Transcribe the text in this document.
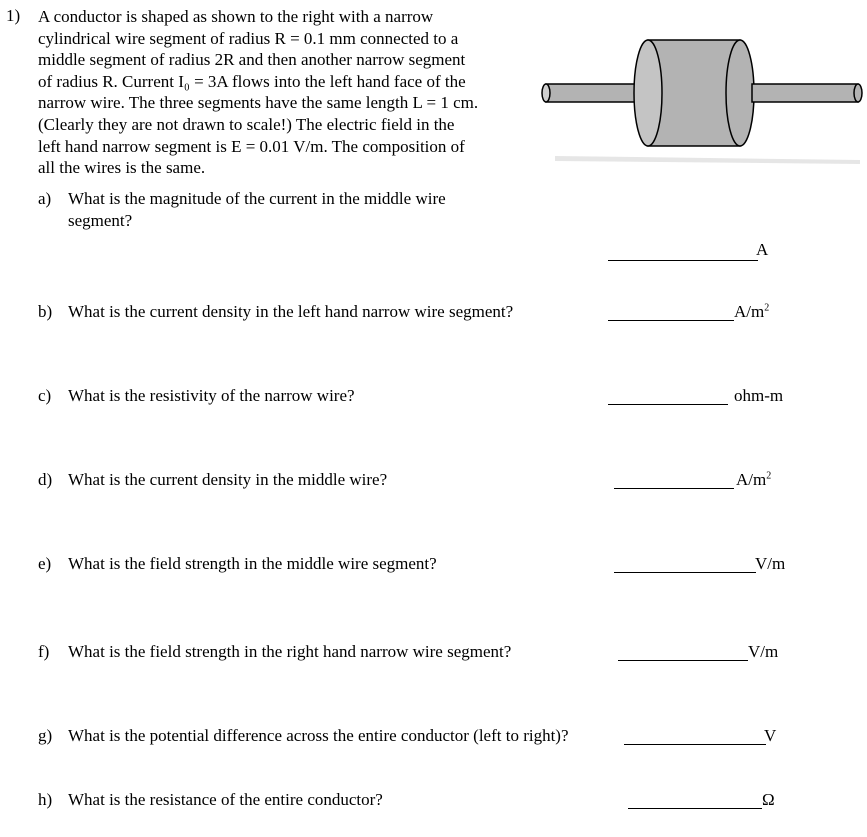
1) A conductor is shaped as shown to the right with a narrow
cylindrical wire segment of radius R = 0.1 mm connected to a
middle segment of radius 2R and then another narrow segment
of radius R. Current I₀ = 3A flows into the left hand face of the
narrow wire. The three segments have the same length L = 1 cm.
(Clearly they are not drawn to scale!) The electric field in the
left hand narrow segment is E = 0.01 V/m. The composition of
all the wires is the same.
a) What is the magnitude of the current in the middle wire
segment?
A
b) What is the current density in the left hand narrow wire segment?	$A/m^2$
c) What is the resistivity of the narrow wire?	ohm-m
d) What is the current density in the middle wire?	$A/m^2$
e) What is the field strength in the middle wire segment?	V/m
f) What is the field strength in the right hand narrow wire segment?	V/m
g) What is the potential difference across the entire conductor (left to right)?	V
h) What is the resistance of the entire conductor?	Ω
